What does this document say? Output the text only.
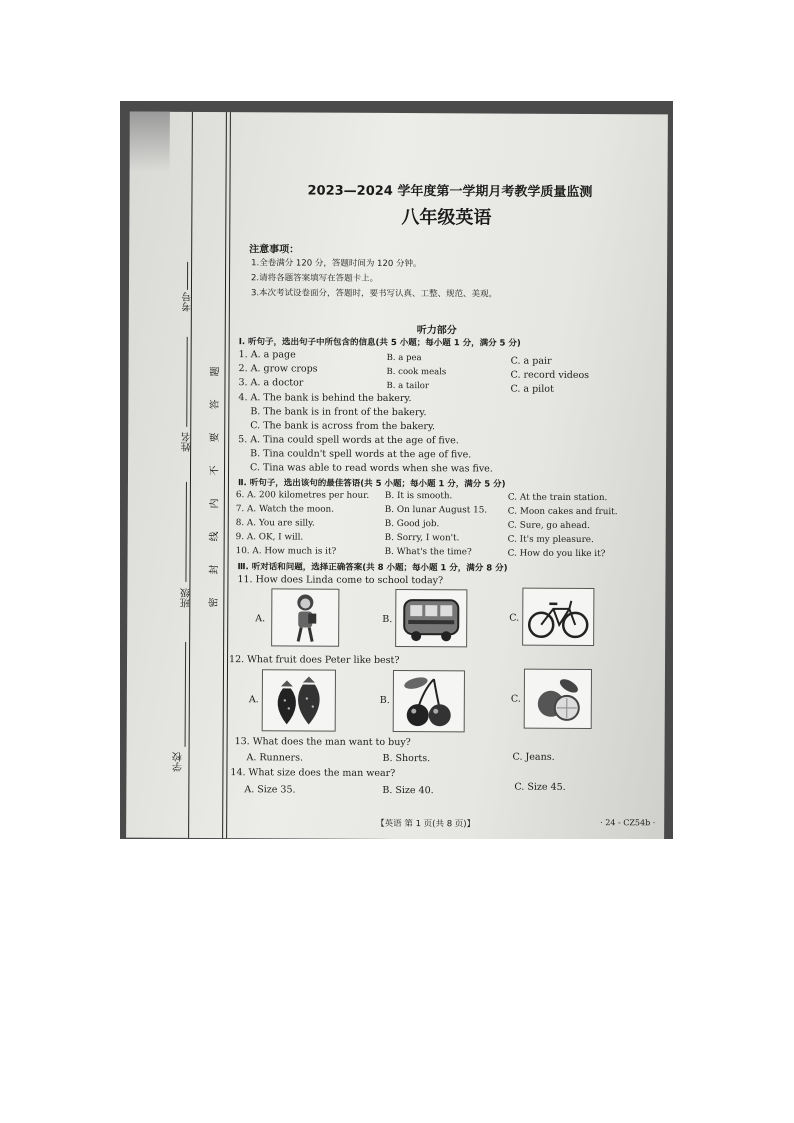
考号
姓名
班级
学校
题
答
要
不
内
线
封
密
2023—2024 学年度第一学期月考教学质量监测
八年级英语
注意事项：
1.全卷满分 120 分，答题时间为 120 分钟。
2.请将各题答案填写在答题卡上。
3.本次考试设卷面分，答题时，要书写认真、工整、规范、美观。
听力部分
Ⅰ. 听句子，选出句子中所包含的信息(共 5 小题；每小题 1 分，满分 5 分)
1. A. a page	B. a pea	C. a pair
2. A. grow crops	B. cook meals	C. record videos
3. A. a doctor	B. a tailor	C. a pilot
4. A. The bank is behind the bakery.
B. The bank is in front of the bakery.
C. The bank is across from the bakery.
5. A. Tina could spell words at the age of five.
B. Tina couldn't spell words at the age of five.
C. Tina was able to read words when she was five.
Ⅱ. 听句子，选出该句的最佳答语(共 5 小题；每小题 1 分，满分 5 分)
6. A. 200 kilometres per hour. B. It is smooth.	C. At the train station.
7. A. Watch the moon.	B. On lunar August 15. C. Moon cakes and fruit.
8. A. You are silly.	B. Good job.	C. Sure, go ahead.
9. A. OK, I will.	B. Sorry, I won't.	C. It's my pleasure.
10. A. How much is it?	B. What's the time?	C. How do you like it?
Ⅲ. 听对话和问题，选择正确答案(共 8 小题；每小题 1 分，满分 8 分)
11. How does Linda come to school today?
A.	B.	C.
12. What fruit does Peter like best?
A.	B.	C.
13. What does the man want to buy?
A. Runners.	B. Shorts.	C. Jeans.
14. What size does the man wear?
A. Size 35.	B. Size 40.	C. Size 45.
【英语 第 1 页(共 8 页)】	· 24 - CZ54b ·
